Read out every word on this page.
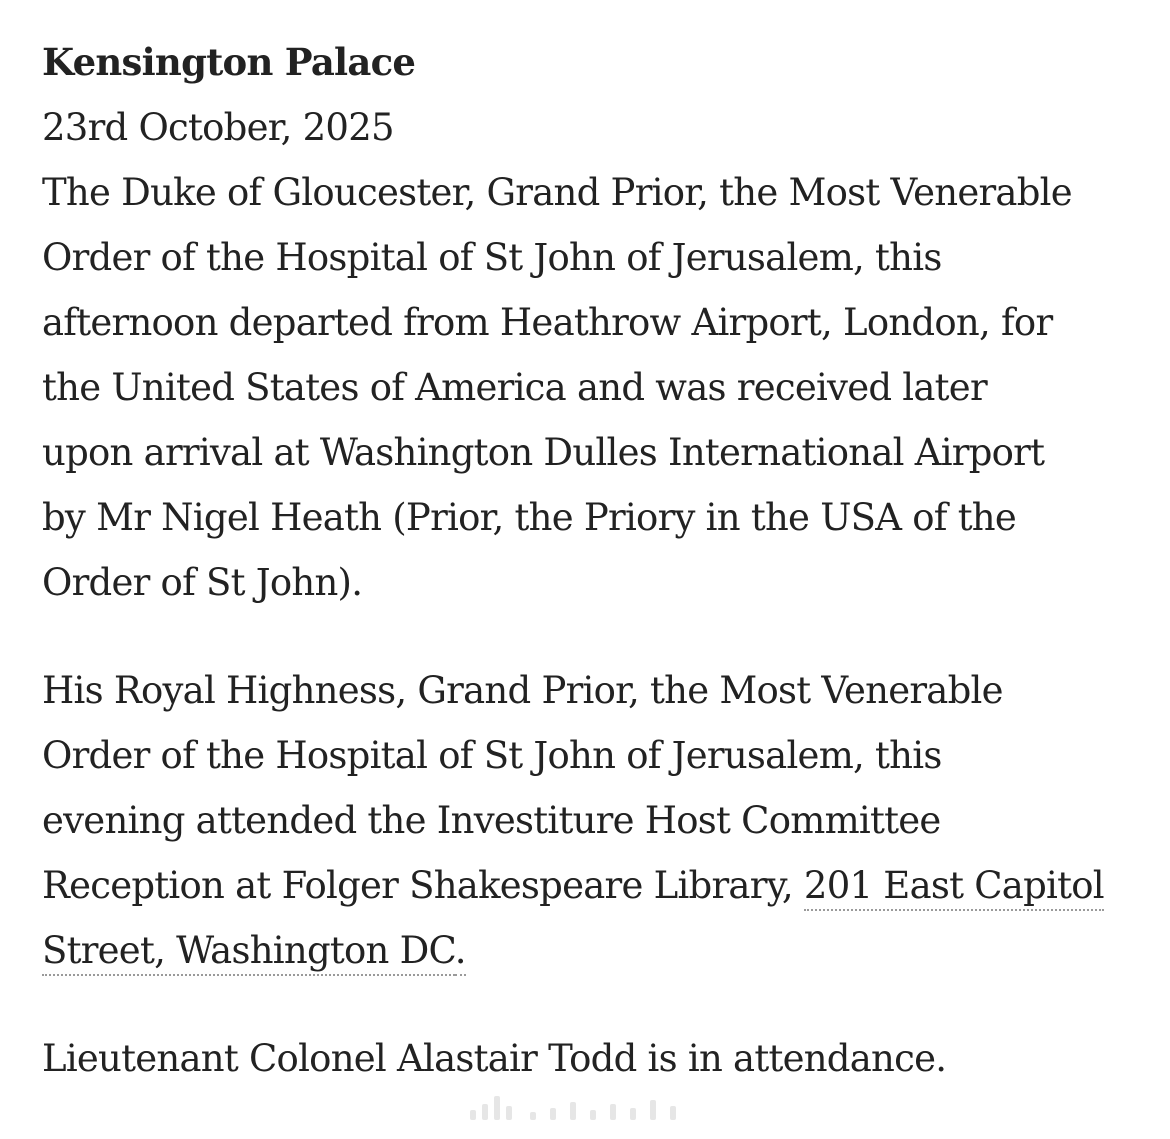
Kensington Palace
23rd October, 2025
The Duke of Gloucester, Grand Prior, the Most Venerable
Order of the Hospital of St John of Jerusalem, this
afternoon departed from Heathrow Airport, London, for
the United States of America and was received later
upon arrival at Washington Dulles International Airport
by Mr Nigel Heath (Prior, the Priory in the USA of the
Order of St John).
His Royal Highness, Grand Prior, the Most Venerable
Order of the Hospital of St John of Jerusalem, this
evening attended the Investiture Host Committee
Reception at Folger Shakespeare Library, 201 East Capitol
Street, Washington DC.
Lieutenant Colonel Alastair Todd is in attendance.
